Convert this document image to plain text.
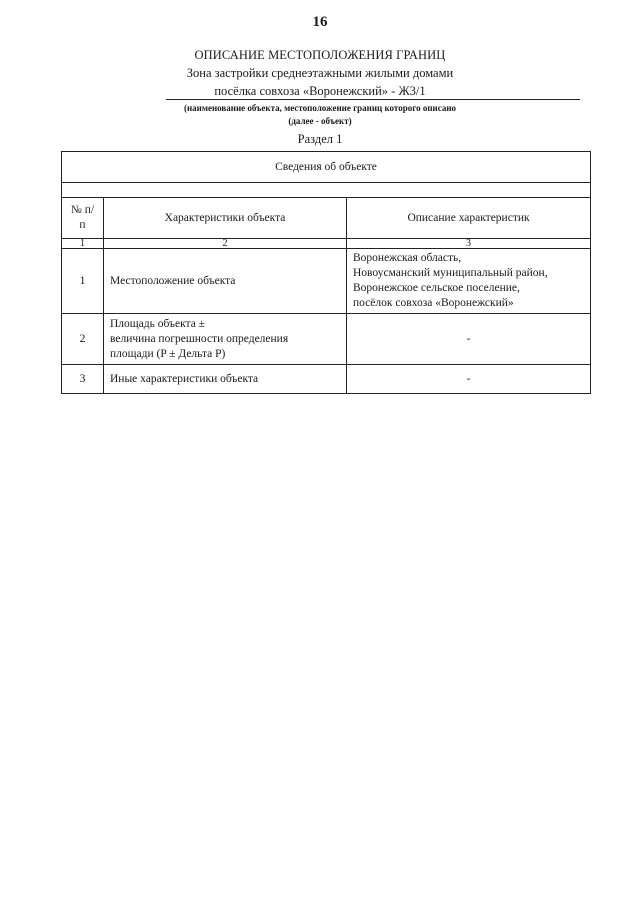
16
ОПИСАНИЕ МЕСТОПОЛОЖЕНИЯ ГРАНИЦ
Зона застройки среднеэтажными жилыми домами
посёлка совхоза «Воронежский» - Ж3/1
(наименование объекта, местоположение границ которого описано
(далее - объект)
Раздел 1
Сведения об объекте		

№ п/п	Характеристики объекта	Описание характеристик
1	2	3
1	Местоположение объекта	Воронежская область,
Новоусманский муниципальный район,
Воронежское сельское поселение,
посёлок совхоза «Воронежский»

2	Площадь объекта ±
величина погрешности определения
площади (P ± Дельта P)	-
3	Иные характеристики объекта	-
